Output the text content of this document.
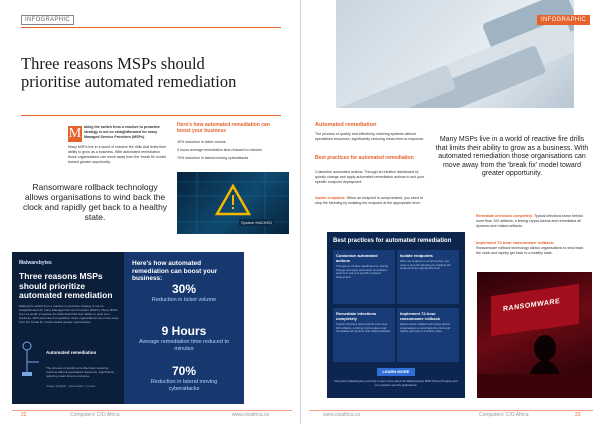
INFOGRAPHIC
Three reasons MSPs should prioritise automated remediation
M aking the switch from a reactive to proactive strategy is not so straightforward for many Managed Service Providers (MSPs).
Many MSPs live in a world of reactive fire drills that limits their ability to grow as a business. With automated remediation those organisations can move away from the 'break fix' model toward greater opportunity.
Here's how automated remediation can boost your business
30% reduction in ticket volume
9 hours average remediation time reduced to minutes
70% reduction in lateral moving cyberattacks
System HACKED
Ransomware rollback technology allows organisations to wind back the clock and rapidly get back to a healthy state.
Malwarebytes
Three reasons MSPs should prioritize automated remediation
Making the switch from a reactive to proactive strategy is not so straightforward for many Managed Service Providers (MSPs). Many MSPs live in a world of reactive fire drills that limits their ability to grow as a business. With automated remediation those organisations can move away from the 'break fix' model toward greater opportunities.
Automated remediation
The process of quickly and effectively restoring systems without specialised resources, significantly reducing mean-time-to-response.
Usage: English · Automation / remed.
Here's how automated remediation can boost your business:
30%
Reduction in ticket volume
9 Hours
Average remediation time reduced to minutes
70%
Reduction in lateral moving cyberattacks
22	Computers' CIO Africa	www.cioafrica.co
INFOGRAPHIC
Automated remediation
The process of quickly and effectively restoring systems without specialised resources, significantly reducing mean-time-to-response.
Best practices for automated remediation
Customise automated actions: Through an intuitive dashboard UI, quickly change and apply automated remediation actions to suit your specific endpoint deployment.
Isolate endpoints: When an endpoint is compromised, you need to stop the bleeding by isolating the endpoint at the appropriate level.
Many MSPs live in a world of reactive fire drills that limits their ability to grow as a business. With automated remediation those organisations can move away from the 'break fix' model toward greater opportunity.
Remediate infections completely: Typical infections leave behind more than 100 artifacts, a linking crypto-tokens and remediates all dynamic and related artifacts.
Implement 72-hour ransomware rollback:
Ransomware rollback technology allows organisations to wind back the clock and rapidly get back to a healthy state.
Best practices for automated remediation
Customize automated actions
Through an intuitive dashboard UI, quickly change and apply automated remediation actions to suit your specific endpoint deployment.
Isolate endpoints
When an endpoint is compromised, you need to stop the bleeding by isolating the endpoint at the appropriate level.
Remediate infections completely
Typical infections leave behind more than 100 artifacts, a linking crypto-tokens and remediates all dynamic and related artifacts.
Implement 72-hour ransomware rollback
Ransomware rollback technology allows organisations to wind back the clock and rapidly get back to a healthy state.
LEARN MORE
Visit www.malwarebytes.com/msp to learn more about the Malwarebytes MSP Partner Program and our proactive security applications.
RANSOMWARE
www.cioafrica.co	Computers' CIO Africa	23
